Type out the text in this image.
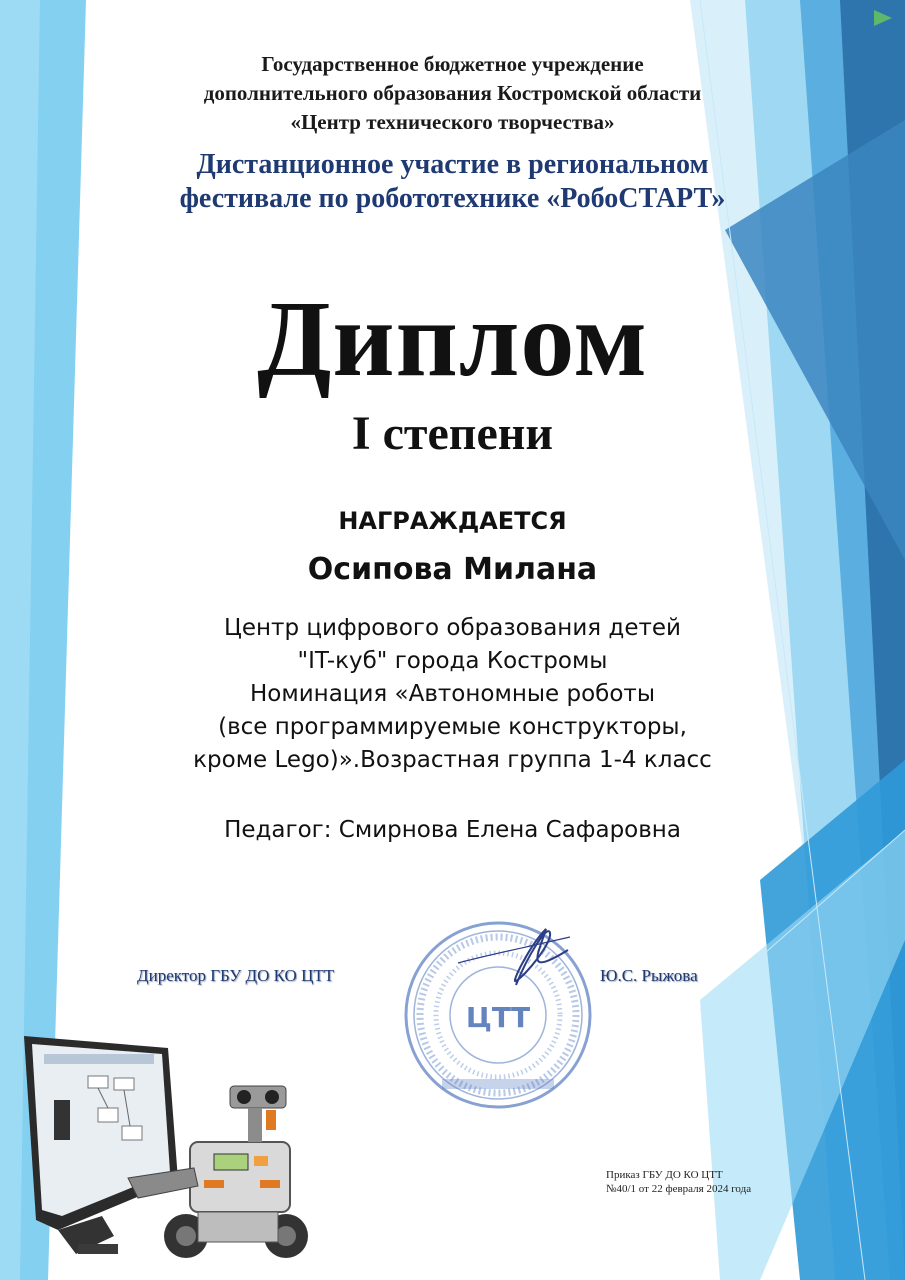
Государственное бюджетное учреждение
дополнительного образования Костромской области
«Центр технического творчества»
Дистанционное участие в региональном
фестивале по робототехнике «РобоСТАРТ»
Диплом
I степени
НАГРАЖДАЕТСЯ
Осипова Милана
Центр цифрового образования детей
"IT-куб" города Костромы
Номинация «Автономные роботы
(все программируемые конструкторы,
кроме Lego)».Возрастная группа 1-4 класс
Педагог: Смирнова Елена Сафаровна
Директор ГБУ ДО КО ЦТТ	Ю.С. Рыжова
ЦТТ
Приказ ГБУ ДО КО ЦТТ
№40/1 от 22 февраля 2024 года
